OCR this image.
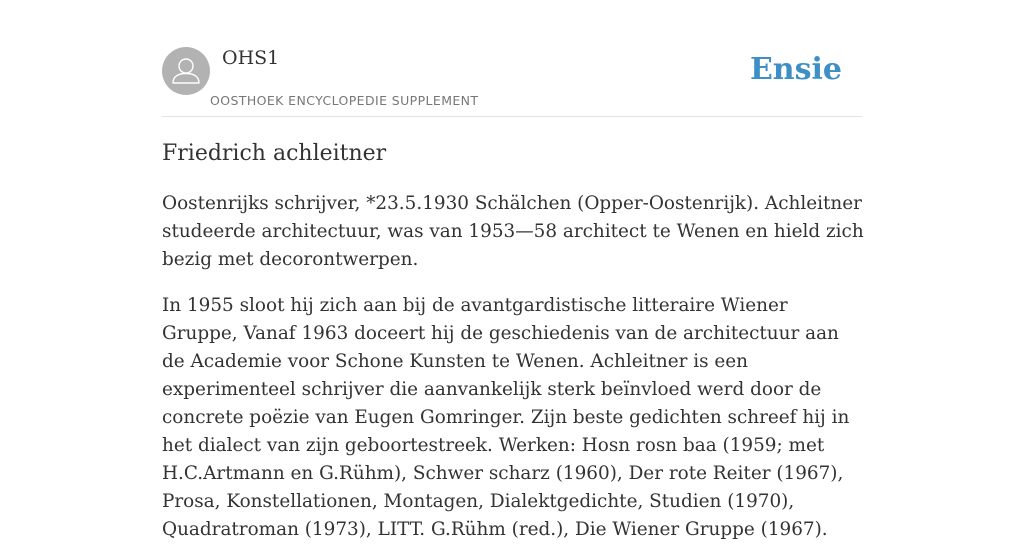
OHS1
OOSTHOEK ENCYCLOPEDIE SUPPLEMENT
Ensie
Friedrich achleitner

Oostenrijks schrijver, *23.5.1930 Schälchen (Opper-Oostenrijk). Achleitner studeerde architectuur, was van 1953—58 architect te Wenen en hield zich bezig met decorontwerpen.

In 1955 sloot hij zich aan bij de avantgardistische litteraire Wiener Gruppe, Vanaf 1963 doceert hij de geschiedenis van de architectuur aan de Academie voor Schone Kunsten te Wenen. Achleitner is een experimenteel schrijver die aanvankelijk sterk beïnvloed werd door de concrete poëzie van Eugen Gomringer. Zijn beste gedichten schreef hij in het dialect van zijn geboortestreek. Werken: Hosn rosn baa (1959; met H.C.Artmann en G.Rühm), Schwer scharz (1960), Der rote Reiter (1967), Prosa, Konstellationen, Montagen, Dialektgedichte, Studien (1970), Quadratroman (1973), LITT. G.Rühm (red.), Die Wiener Gruppe (1967).
